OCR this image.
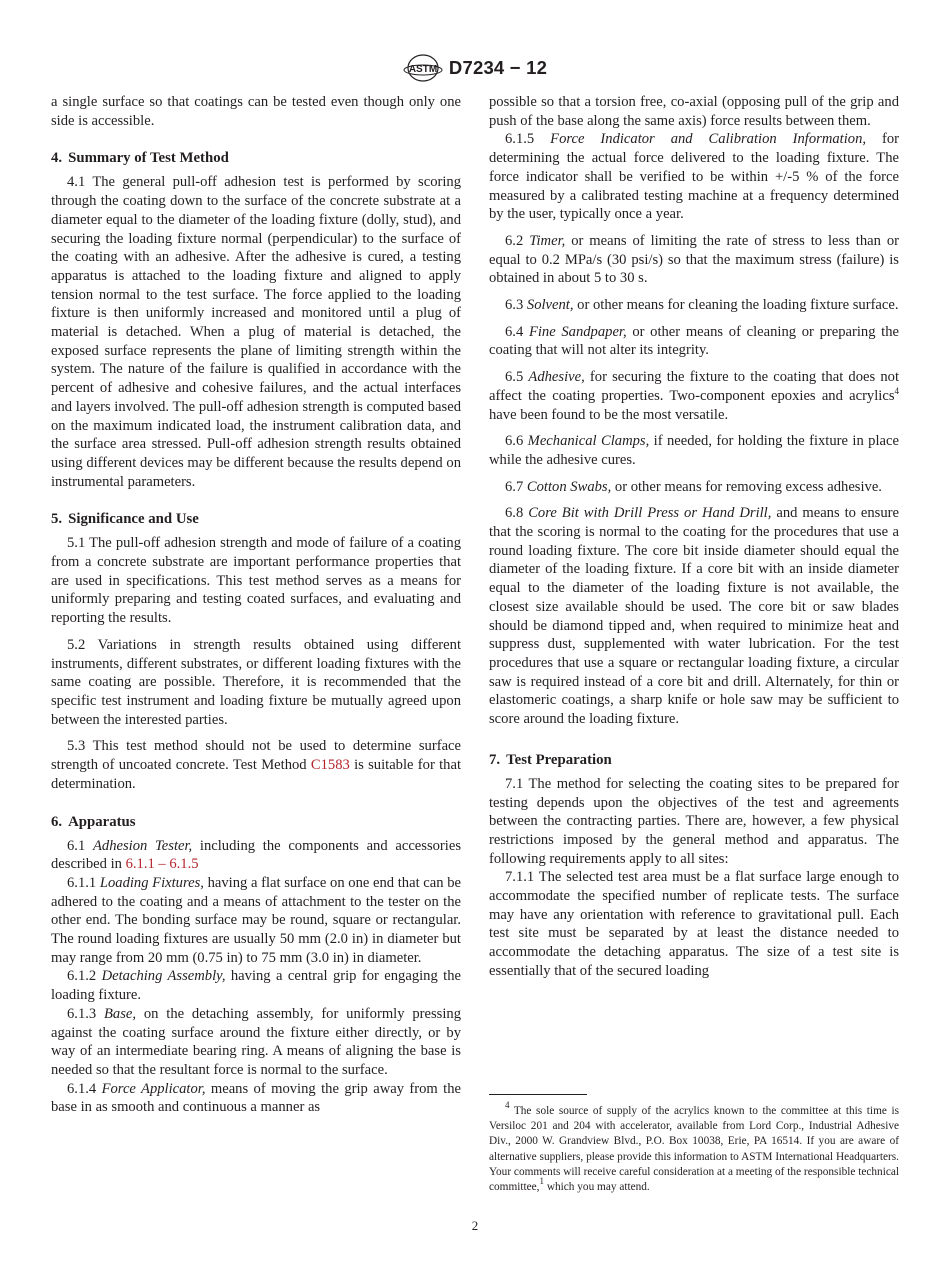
ASTM D7234 − 12

a single surface so that coatings can be tested even though only one side is accessible.

4. Summary of Test Method

4.1 The general pull-off adhesion test is performed by scoring through the coating down to the surface of the concrete substrate at a diameter equal to the diameter of the loading fixture (dolly, stud), and securing the loading fixture normal (perpendicular) to the surface of the coating with an adhesive. After the adhesive is cured, a testing apparatus is attached to the loading fixture and aligned to apply tension normal to the test surface. The force applied to the loading fixture is then uniformly increased and monitored until a plug of material is detached. When a plug of material is detached, the exposed surface represents the plane of limiting strength within the system. The nature of the failure is qualified in accordance with the percent of adhesive and cohesive failures, and the actual interfaces and layers involved. The pull-off adhesion strength is computed based on the maximum indicated load, the instrument calibration data, and the surface area stressed. Pull-off adhesion strength results obtained using different devices may be different because the results depend on instrumental parameters.

5. Significance and Use

5.1 The pull-off adhesion strength and mode of failure of a coating from a concrete substrate are important performance properties that are used in specifications. This test method serves as a means for uniformly preparing and testing coated surfaces, and evaluating and reporting the results.

5.2 Variations in strength results obtained using different instruments, different substrates, or different loading fixtures with the same coating are possible. Therefore, it is recommended that the specific test instrument and loading fixture be mutually agreed upon between the interested parties.

5.3 This test method should not be used to determine surface strength of uncoated concrete. Test Method C1583 is suitable for that determination.

6. Apparatus

6.1 Adhesion Tester, including the components and accessories described in 6.1.1 – 6.1.5

6.1.1 Loading Fixtures, having a flat surface on one end that can be adhered to the coating and a means of attachment to the tester on the other end. The bonding surface may be round, square or rectangular. The round loading fixtures are usually 50 mm (2.0 in) in diameter but may range from 20 mm (0.75 in) to 75 mm (3.0 in) in diameter.

6.1.2 Detaching Assembly, having a central grip for engaging the loading fixture.

6.1.3 Base, on the detaching assembly, for uniformly pressing against the coating surface around the fixture either directly, or by way of an intermediate bearing ring. A means of aligning the base is needed so that the resultant force is normal to the surface.

6.1.4 Force Applicator, means of moving the grip away from the base in as smooth and continuous a manner as

possible so that a torsion free, co-axial (opposing pull of the grip and push of the base along the same axis) force results between them.

6.1.5 Force Indicator and Calibration Information, for determining the actual force delivered to the loading fixture. The force indicator shall be verified to be within +/-5 % of the force measured by a calibrated testing machine at a frequency determined by the user, typically once a year.

6.2 Timer, or means of limiting the rate of stress to less than or equal to 0.2 MPa/s (30 psi/s) so that the maximum stress (failure) is obtained in about 5 to 30 s.

6.3 Solvent, or other means for cleaning the loading fixture surface.

6.4 Fine Sandpaper, or other means of cleaning or preparing the coating that will not alter its integrity.

6.5 Adhesive, for securing the fixture to the coating that does not affect the coating properties. Two-component epoxies and acrylics$^4$ have been found to be the most versatile.

6.6 Mechanical Clamps, if needed, for holding the fixture in place while the adhesive cures.

6.7 Cotton Swabs, or other means for removing excess adhesive.

6.8 Core Bit with Drill Press or Hand Drill, and means to ensure that the scoring is normal to the coating for the procedures that use a round loading fixture. The core bit inside diameter should equal the diameter of the loading fixture. If a core bit with an inside diameter equal to the diameter of the loading fixture is not available, the closest size available should be used. The core bit or saw blades should be diamond tipped and, when required to minimize heat and suppress dust, supplemented with water lubrication. For the test procedures that use a square or rectangular loading fixture, a circular saw is required instead of a core bit and drill. Alternately, for thin or elastomeric coatings, a sharp knife or hole saw may be sufficient to score around the loading fixture.

7. Test Preparation

7.1 The method for selecting the coating sites to be prepared for testing depends upon the objectives of the test and agreements between the contracting parties. There are, however, a few physical restrictions imposed by the general method and apparatus. The following requirements apply to all sites:

7.1.1 The selected test area must be a flat surface large enough to accommodate the specified number of replicate tests. The surface may have any orientation with reference to gravitational pull. Each test site must be separated by at least the distance needed to accommodate the detaching apparatus. The size of a test site is essentially that of the secured loading

$^4$ The sole source of supply of the acrylics known to the committee at this time is Versiloc 201 and 204 with accelerator, available from Lord Corp., Industrial Adhesive Div., 2000 W. Grandview Blvd., P.O. Box 10038, Erie, PA 16514. If you are aware of alternative suppliers, please provide this information to ASTM International Headquarters. Your comments will receive careful consideration at a meeting of the responsible technical committee,$^1$ which you may attend.

2
